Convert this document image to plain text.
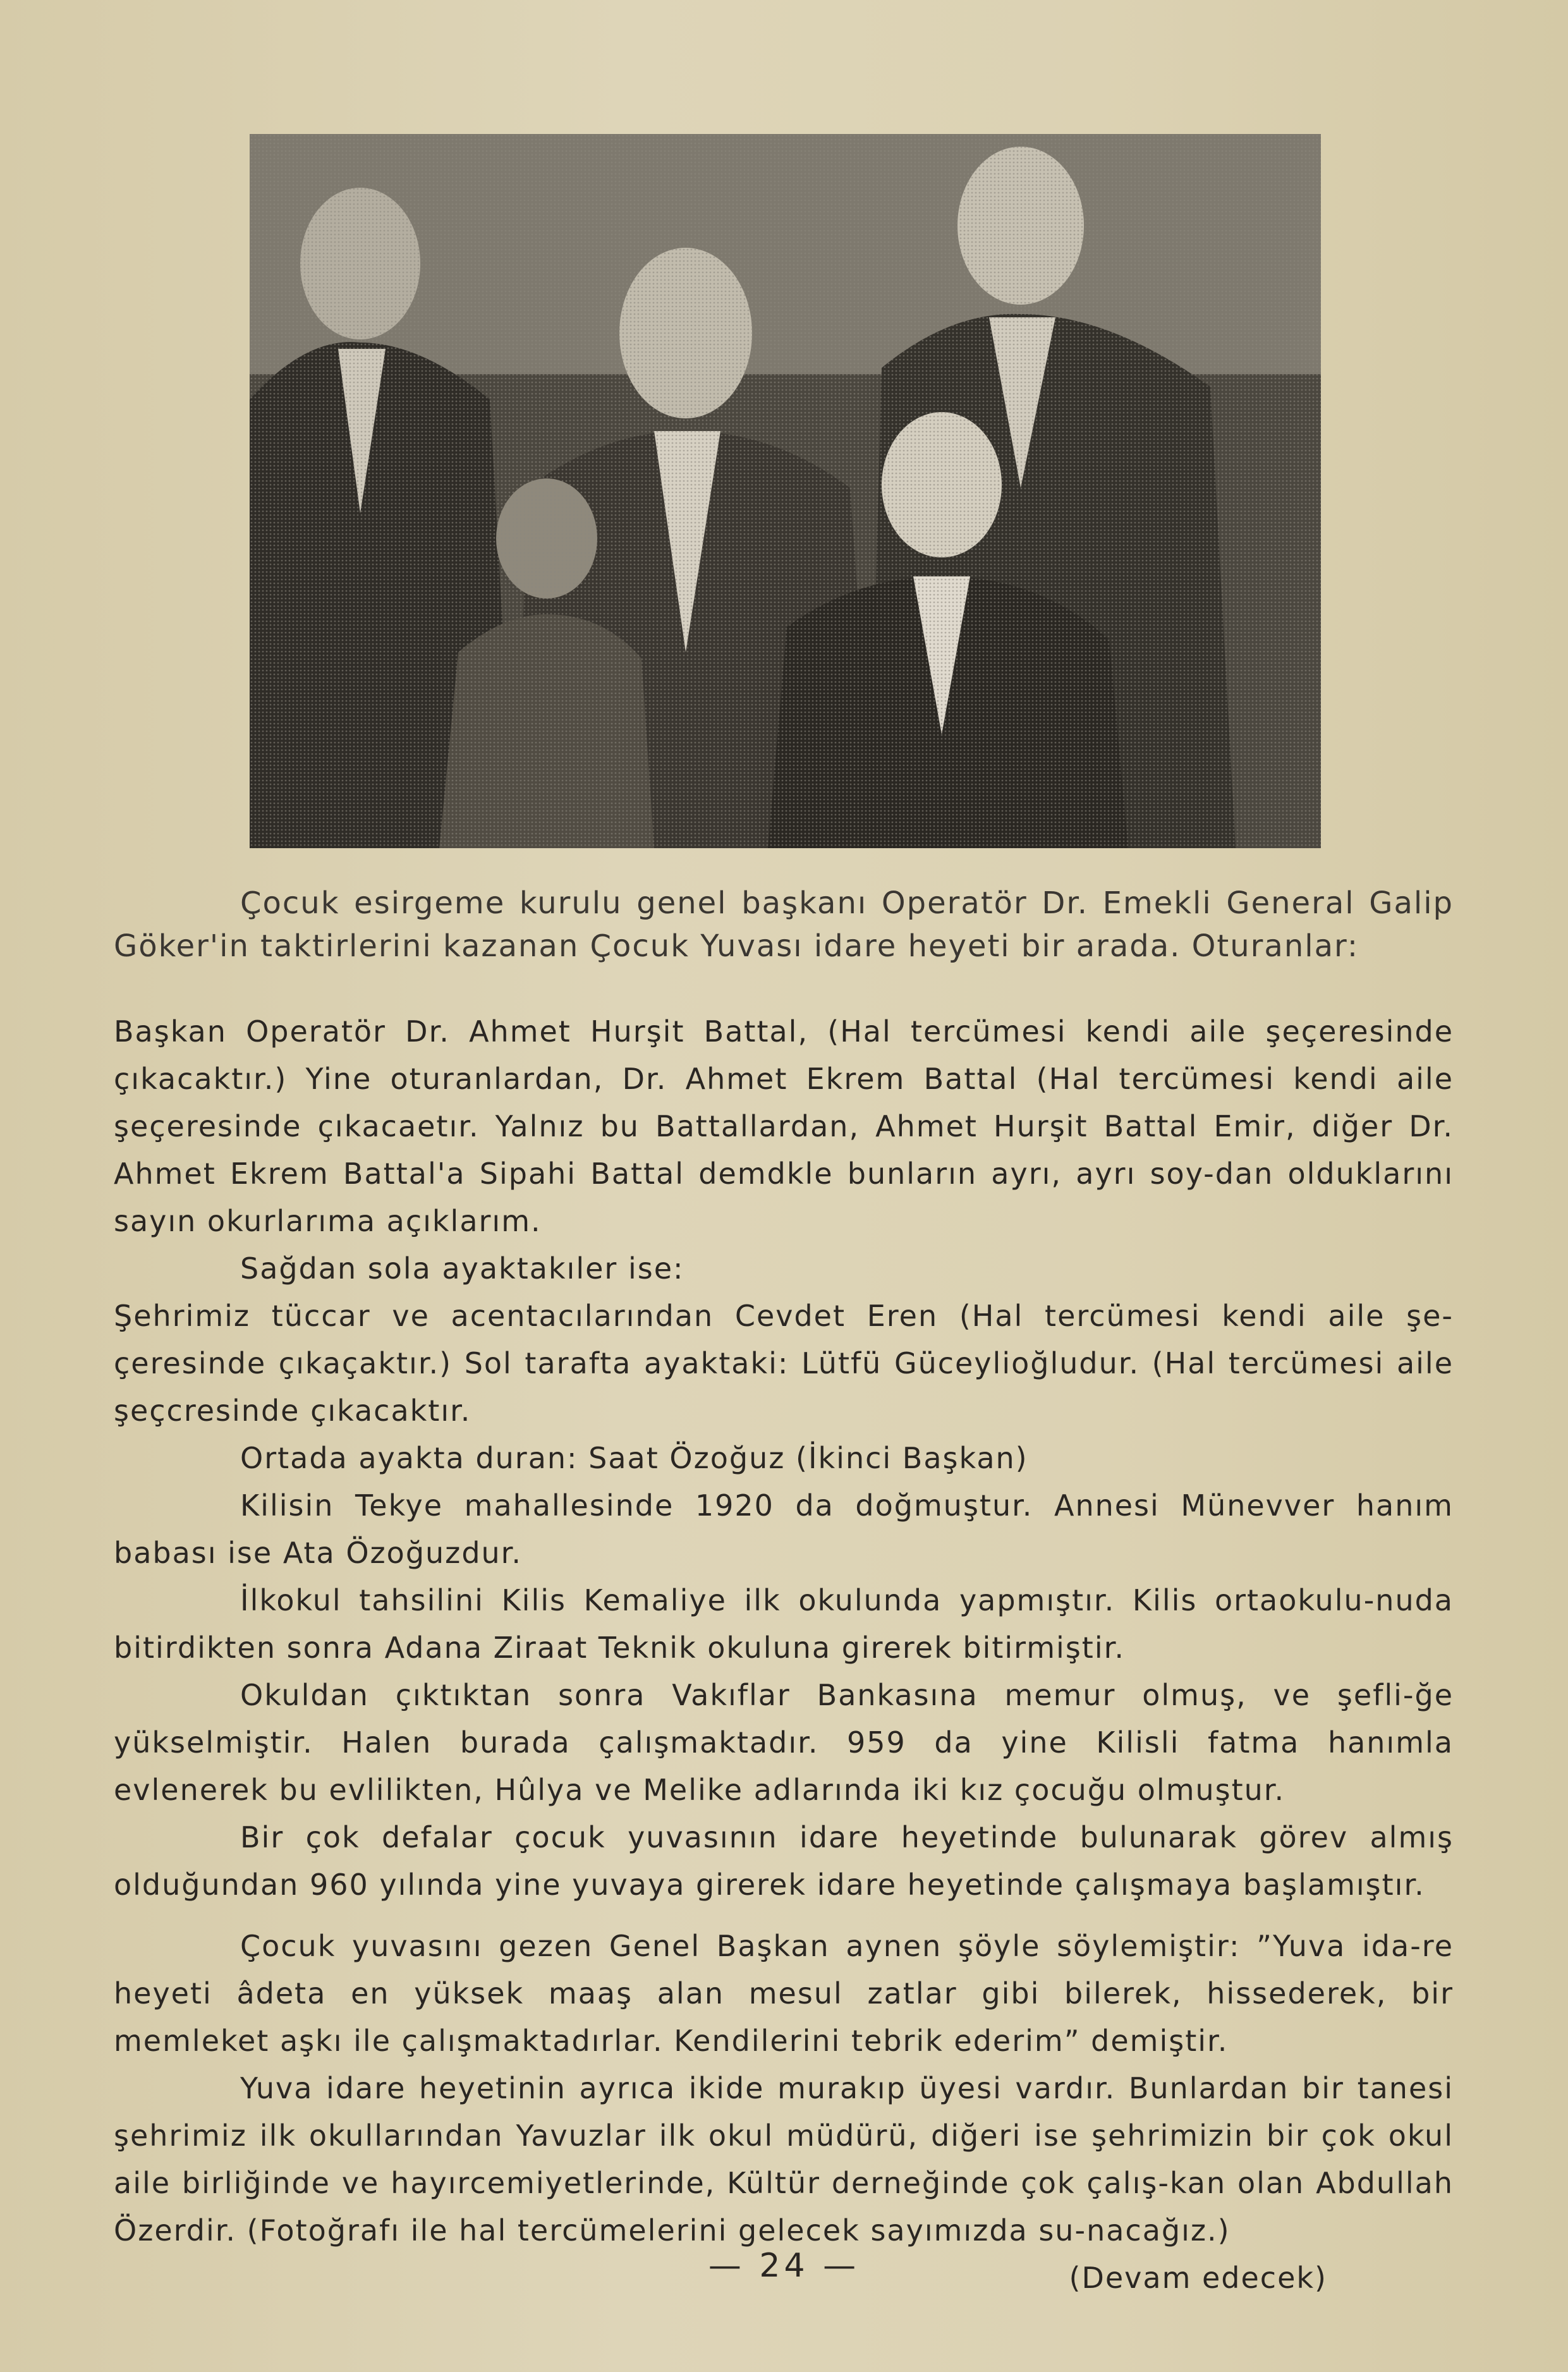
Çocuk esirgeme kurulu genel başkanı Operatör Dr. Emekli General Galip Göker'in taktirlerini kazanan Çocuk Yuvası idare heyeti bir arada. Oturanlar:

Başkan Operatör Dr. Ahmet Hurşit Battal, (Hal tercümesi kendi aile şeçeresinde çıkacaktır.) Yine oturanlardan, Dr. Ahmet Ekrem Battal (Hal tercümesi kendi aile şeçeresinde çıkacaetır. Yalnız bu Battallardan, Ahmet Hurşit Battal Emir, diğer Dr. Ahmet Ekrem Battal'a Sipahi Battal demdkle bunların ayrı, ayrı soy-dan olduklarını sayın okurlarıma açıklarım.

Sağdan sola ayaktakıler ise:

Şehrimiz tüccar ve acentacılarından Cevdet Eren (Hal tercümesi kendi aile şe-çeresinde çıkaçaktır.) Sol tarafta ayaktaki: Lütfü Güceylioğludur. (Hal tercümesi aile şeçcresinde çıkacaktır.

Ortada ayakta duran: Saat Özoğuz (İkinci Başkan)

Kilisin Tekye mahallesinde 1920 da doğmuştur. Annesi Münevver hanım babası ise Ata Özoğuzdur.

İlkokul tahsilini Kilis Kemaliye ilk okulunda yapmıştır. Kilis ortaokulu-nuda bitirdikten sonra Adana Ziraat Teknik okuluna girerek bitirmiştir.

Okuldan çıktıktan sonra Vakıflar Bankasına memur olmuş, ve şefli-ğe yükselmiştir. Halen burada çalışmaktadır. 959 da yine Kilisli fatma hanımla evlenerek bu evlilikten, Hûlya ve Melike adlarında iki kız çocuğu olmuştur.

Bir çok defalar çocuk yuvasının idare heyetinde bulunarak görev almış olduğundan 960 yılında yine yuvaya girerek idare heyetinde çalışmaya başlamıştır.

Çocuk yuvasını gezen Genel Başkan aynen şöyle söylemiştir: ”Yuva ida-re heyeti âdeta en yüksek maaş alan mesul zatlar gibi bilerek, hissederek, bir memleket aşkı ile çalışmaktadırlar. Kendilerini tebrik ederim” demiştir.

Yuva idare heyetinin ayrıca ikide murakıp üyesi vardır. Bunlardan bir tanesi şehrimiz ilk okullarından Yavuzlar ilk okul müdürü, diğeri ise şehrimizin bir çok okul aile birliğinde ve hayırcemiyetlerinde, Kültür derneğinde çok çalış-kan olan Abdullah Özerdir. (Fotoğrafı ile hal tercümelerini gelecek sayımızda su-nacağız.)

(Devam edecek)
— 24 —
